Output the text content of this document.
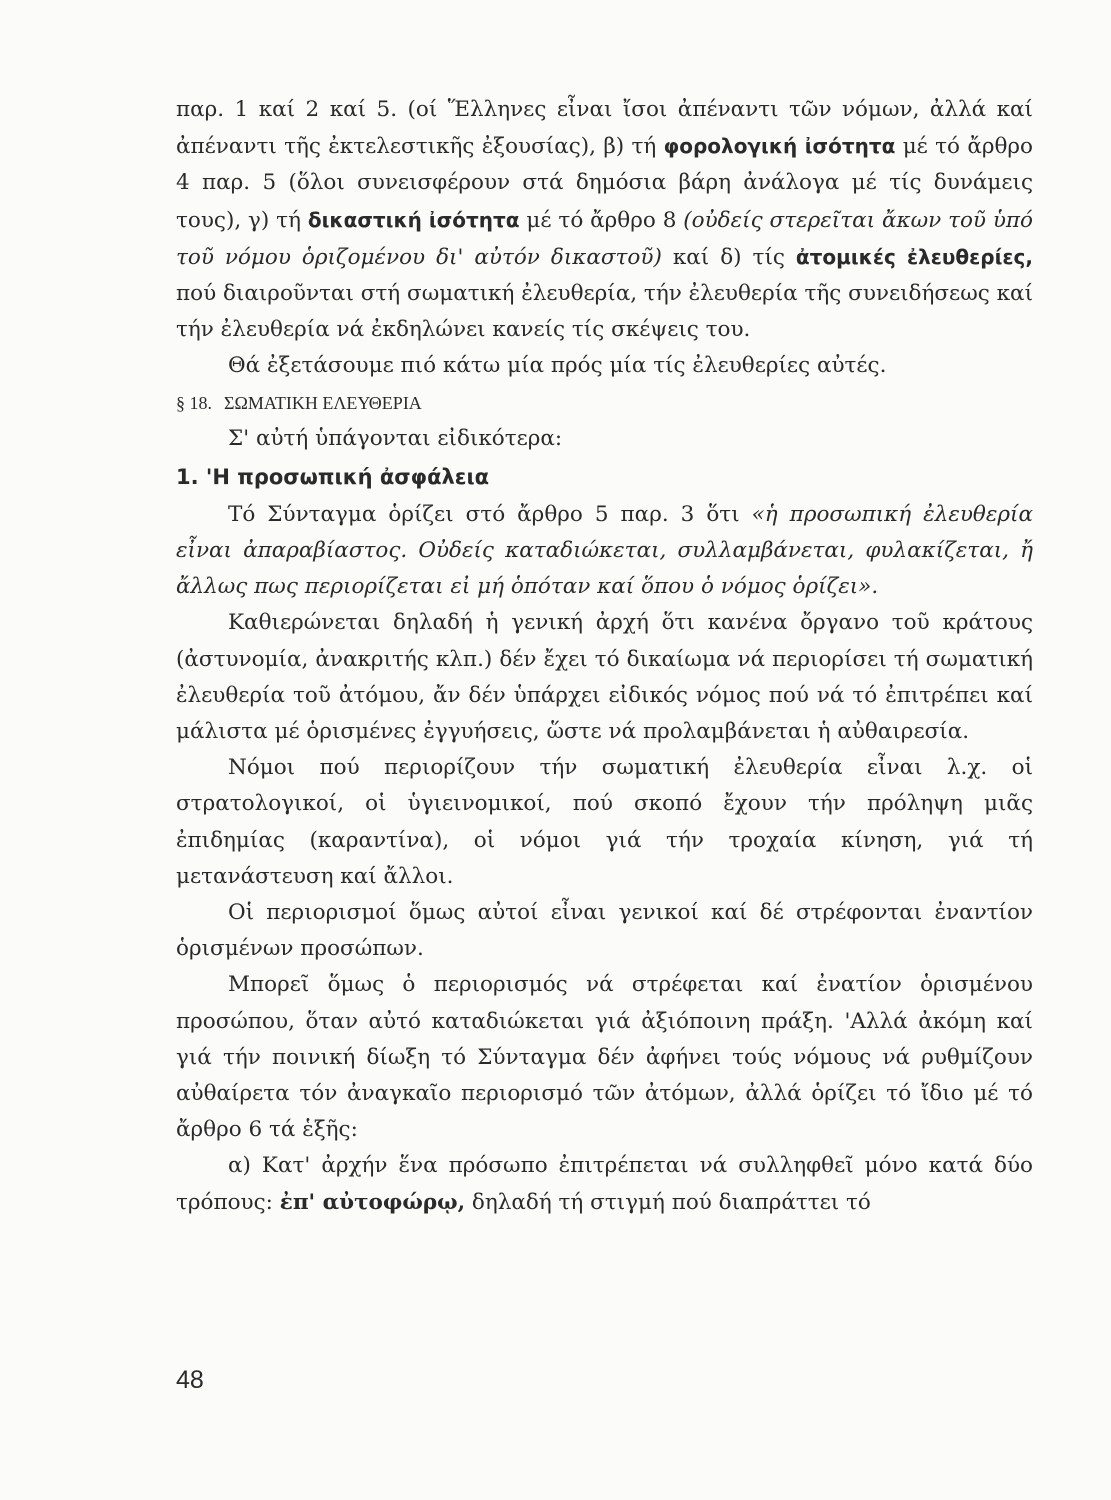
παρ. 1 καί 2 καί 5. (οί Ἕλληνες εἶναι ἴσοι ἀπέναντι τῶν νόμων, ἀλλά καί ἀπέναντι τῆς ἐκτελεστικῆς ἐξουσίας), β) τή φορολογική ἰσότητα μέ τό ἄρθρο 4 παρ. 5 (ὅλοι συνεισφέρουν στά δημόσια βάρη ἀνάλογα μέ τίς δυνάμεις τους), γ) τή δικαστική ἰσότητα μέ τό ἄρθρο 8 (οὐδείς στερεῖται ἄκων τοῦ ὑπό τοῦ νόμου ὁριζομένου δι' αὐτόν δικαστοῦ) καί δ) τίς ἀτομικές ἐλευθερίες, πού διαιροῦνται στή σωματική ἐλευθερία, τήν ἐλευθερία τῆς συνειδήσεως καί τήν ἐλευθερία νά ἐκδηλώνει κανείς τίς σκέψεις του.

Θά ἐξετάσουμε πιό κάτω μία πρός μία τίς ἐλευθερίες αὐτές.

§ 18. ΣΩΜΑΤΙΚΗ ΕΛΕΥΘΕΡΙΑ

Σ' αὐτή ὑπάγονται εἰδικότερα:

1. 'Η προσωπική ἀσφάλεια

Τό Σύνταγμα ὁρίζει στό ἄρθρο 5 παρ. 3 ὅτι «ἡ προσωπική ἐλευθερία εἶναι ἀπαραβίαστος. Οὐδείς καταδιώκεται, συλλαμβάνεται, φυλακίζεται, ἤ ἄλλως πως περιορίζεται εἰ μή ὁπόταν καί ὅπου ὁ νόμος ὁρίζει».

Καθιερώνεται δηλαδή ἡ γενική ἀρχή ὅτι κανένα ὄργανο τοῦ κράτους (ἀστυνομία, ἀνακριτής κλπ.) δέν ἔχει τό δικαίωμα νά περιορίσει τή σωματική ἐλευθερία τοῦ ἀτόμου, ἄν δέν ὑπάρχει εἰδικός νόμος πού νά τό ἐπιτρέπει καί μάλιστα μέ ὁρισμένες ἐγγυήσεις, ὥστε νά προλαμβάνεται ἡ αὐθαιρεσία.

Νόμοι πού περιορίζουν τήν σωματική ἐλευθερία εἶναι λ.χ. οἱ στρατολογικοί, οἱ ὑγιεινομικοί, πού σκοπό ἔχουν τήν πρόληψη μιᾶς ἐπιδημίας (καραντίνα), οἱ νόμοι γιά τήν τροχαία κίνηση, γιά τή μετανάστευση καί ἄλλοι.

Οἱ περιορισμοί ὅμως αὐτοί εἶναι γενικοί καί δέ στρέφονται ἐναντίον ὁρισμένων προσώπων.

Μπορεῖ ὅμως ὁ περιορισμός νά στρέφεται καί ἐνατίον ὁρισμένου προσώπου, ὅταν αὐτό καταδιώκεται γιά ἀξιόποινη πράξη. 'Αλλά ἀκόμη καί γιά τήν ποινική δίωξη τό Σύνταγμα δέν ἀφήνει τούς νόμους νά ρυθμίζουν αὐθαίρετα τόν ἀναγκαῖο περιορισμό τῶν ἀτόμων, ἀλλά ὁρίζει τό ἴδιο μέ τό ἄρθρο 6 τά ἑξῆς:

α) Κατ' ἀρχήν ἕνα πρόσωπο ἐπιτρέπεται νά συλληφθεῖ μόνο κατά δύο τρόπους: ἐπ' αὐτοφώρῳ, δηλαδή τή στιγμή πού διαπράττει τό

48
